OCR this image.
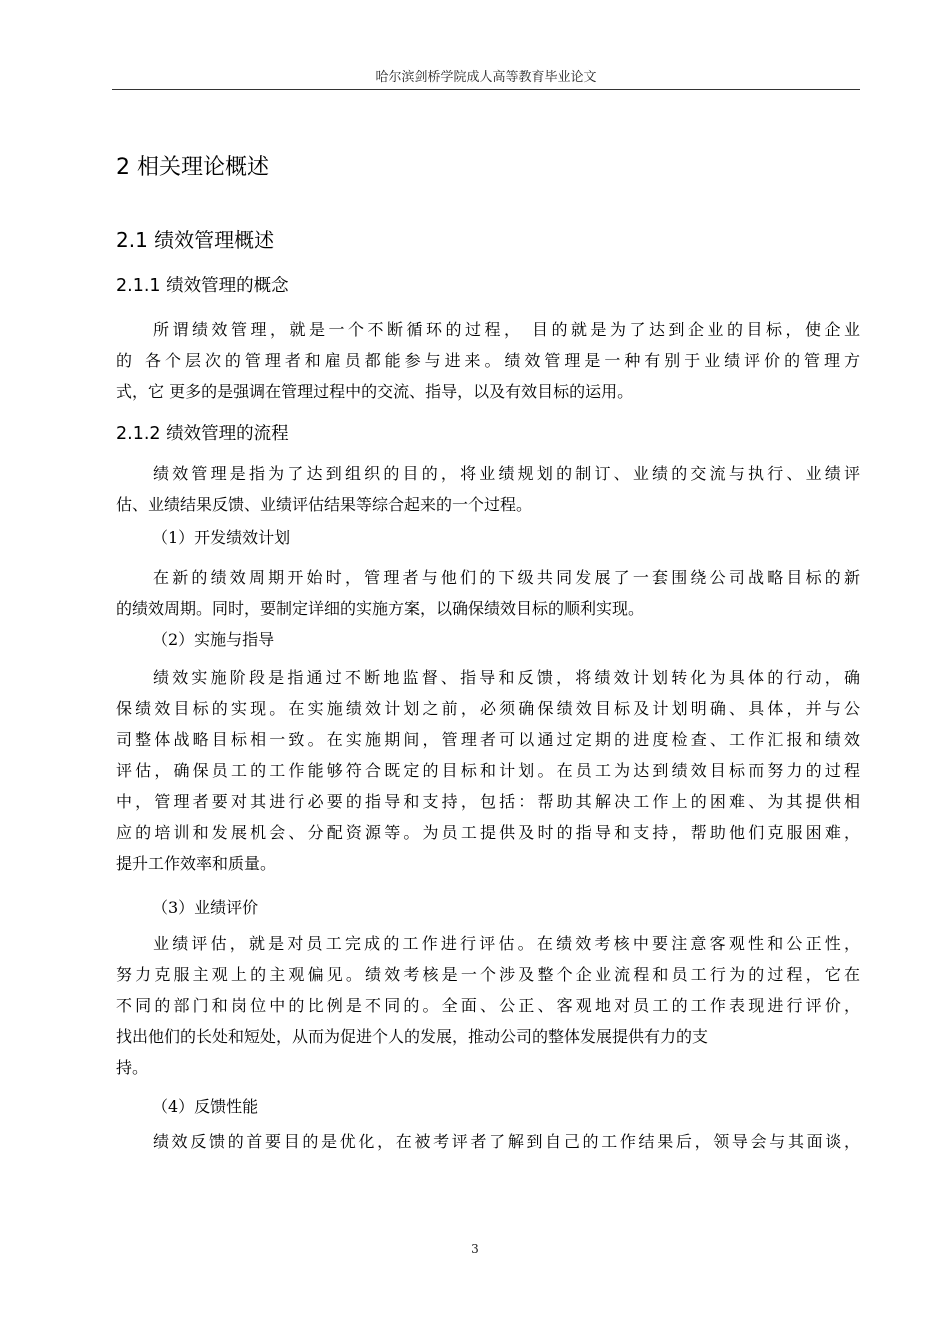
哈尔滨剑桥学院成人高等教育毕业论文
2 相关理论概述
2.1 绩效管理概述
2.1.1 绩效管理的概念
所谓绩效管理，就是一个不断循环的过程， 目的就是为了达到企业的目标，使企业
的 各个层次的管理者和雇员都能参与进来。绩效管理是一种有别于业绩评价的管理方
式，它 更多的是强调在管理过程中的交流、指导，以及有效目标的运用。
2.1.2 绩效管理的流程
绩效管理是指为了达到组织的目的，将业绩规划的制订、业绩的交流与执行、业绩评
估、业绩结果反馈、业绩评估结果等综合起来的一个过程。
（1）开发绩效计划
在新的绩效周期开始时，管理者与他们的下级共同发展了一套围绕公司战略目标的新
的绩效周期。同时，要制定详细的实施方案，以确保绩效目标的顺利实现。
（2）实施与指导
绩效实施阶段是指通过不断地监督、指导和反馈，将绩效计划转化为具体的行动，确
保绩效目标的实现。在实施绩效计划之前，必须确保绩效目标及计划明确、具体，并与公
司整体战略目标相一致。在实施期间，管理者可以通过定期的进度检查、工作汇报和绩效
评估，确保员工的工作能够符合既定的目标和计划。在员工为达到绩效目标而努力的过程
中，管理者要对其进行必要的指导和支持，包括：帮助其解决工作上的困难、为其提供相
应的培训和发展机会、分配资源等。为员工提供及时的指导和支持，帮助他们克服困难，
提升工作效率和质量。
（3）业绩评价
业绩评估，就是对员工完成的工作进行评估。在绩效考核中要注意客观性和公正性，
努力克服主观上的主观偏见。绩效考核是一个涉及整个企业流程和员工行为的过程，它在
不同的部门和岗位中的比例是不同的。全面、公正、客观地对员工的工作表现进行评价，
找出他们的长处和短处，从而为促进个人的发展，推动公司的整体发展提供有力的支
持。
（4）反馈性能
绩效反馈的首要目的是优化，在被考评者了解到自己的工作结果后，领导会与其面谈，
3
